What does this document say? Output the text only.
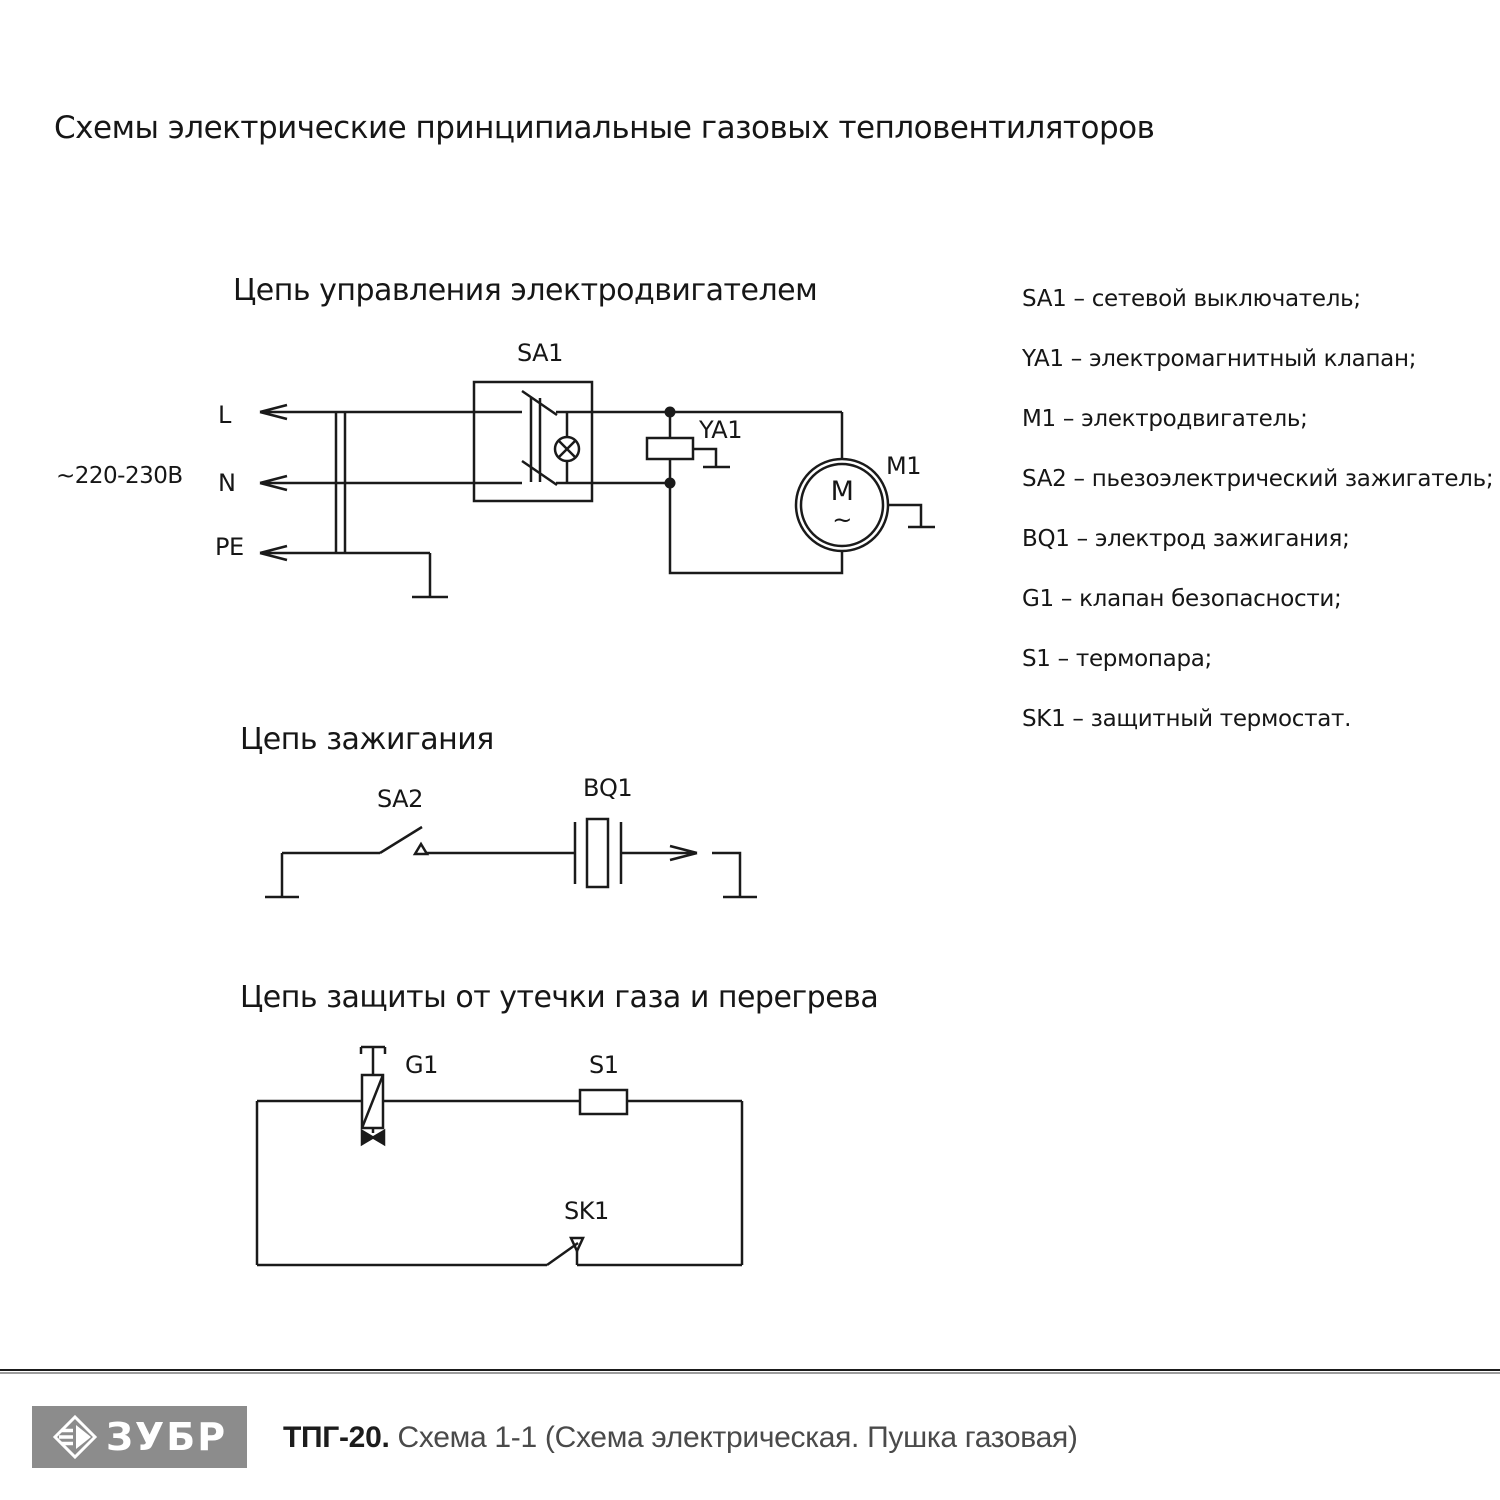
Схемы электрические принципиальные газовых тепловентиляторов
Цепь управления электродвигателем
Цепь зажигания
Цепь защиты от утечки газа и перегрева
SA1
YA1
M1
L
N
PE
~220-230В	M
~
SA2	BQ1
G1	S1
SK1
SA1 – сетевой выключатель;
YA1 – электромагнитный клапан;
M1 – электродвигатель;
SA2 – пьезоэлектрический зажигатель;
BQ1 – электрод зажигания;
G1 – клапан безопасности;
S1 – термопара;
SK1 – защитный термостат.
ЗУБР ТПГ-20. Схема 1-1 (Схема электрическая. Пушка газовая)
